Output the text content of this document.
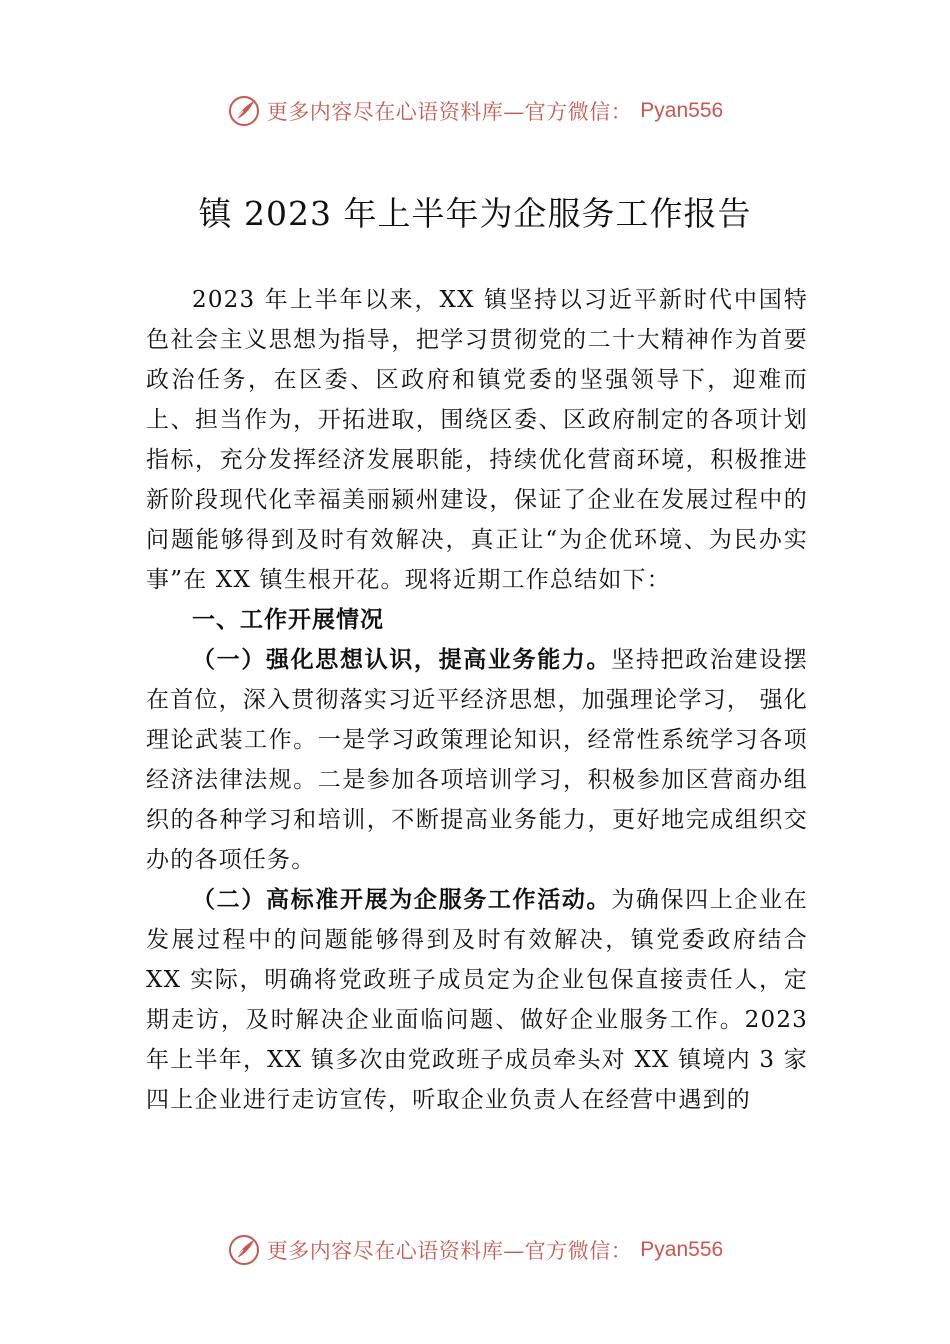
更多内容尽在心语资料库—官方微信： Pyan556
镇 2023 年上半年为企服务工作报告

2023 年上半年以来，XX 镇坚持以习近平新时代中国特色社会主义思想为指导，把学习贯彻党的二十大精神作为首要政治任务，在区委、区政府和镇党委的坚强领导下，迎难而上、担当作为，开拓进取，围绕区委、区政府制定的各项计划指标，充分发挥经济发展职能，持续优化营商环境，积极推进新阶段现代化幸福美丽颍州建设，保证了企业在发展过程中的问题能够得到及时有效解决，真正让“为企优环境、为民办实事”在 XX 镇生根开花。现将近期工作总结如下：

一、工作开展情况

（一）强化思想认识，提高业务能力。坚持把政治建设摆在首位，深入贯彻落实习近平经济思想，加强理论学习， 强化理论武装工作。一是学习政策理论知识，经常性系统学习各项经济法律法规。二是参加各项培训学习，积极参加区营商办组织的各种学习和培训，不断提高业务能力，更好地完成组织交办的各项任务。

（二）高标准开展为企服务工作活动。为确保四上企业在发展过程中的问题能够得到及时有效解决，镇党委政府结合 XX 实际，明确将党政班子成员定为企业包保直接责任人，定期走访，及时解决企业面临问题、做好企业服务工作。2023 年上半年，XX 镇多次由党政班子成员牵头对 XX 镇境内 3 家四上企业进行走访宣传，听取企业负责人在经营中遇到的

更多内容尽在心语资料库—官方微信： Pyan556
